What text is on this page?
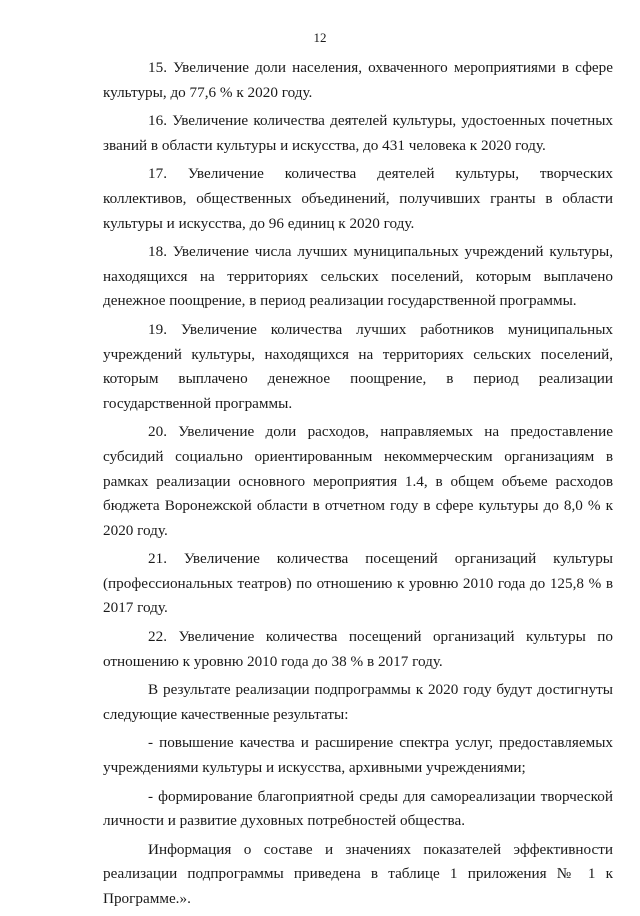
12

15. Увеличение доли населения, охваченного мероприятиями в сфере культуры, до 77,6 % к 2020 году.

16. Увеличение количества деятелей культуры, удостоенных почетных званий в области культуры и искусства, до 431 человека к 2020 году.

17. Увеличение количества деятелей культуры, творческих коллективов, общественных объединений, получивших гранты в области культуры и искусства, до 96 единиц к 2020 году.

18. Увеличение числа лучших муниципальных учреждений культуры, находящихся на территориях сельских поселений, которым выплачено денежное поощрение, в период реализации государственной программы.

19. Увеличение количества лучших работников муниципальных учреждений культуры, находящихся на территориях сельских поселений, которым выплачено денежное поощрение, в период реализации государственной программы.

20. Увеличение доли расходов, направляемых на предоставление субсидий социально ориентированным некоммерческим организациям в рамках реализации основного мероприятия 1.4, в общем объеме расходов бюджета Воронежской области в отчетном году в сфере культуры до 8,0 % к 2020 году.

21. Увеличение количества посещений организаций культуры (профессиональных театров) по отношению к уровню 2010 года до 125,8 % в 2017 году.

22. Увеличение количества посещений организаций культуры по отношению к уровню 2010 года до 38 % в 2017 году.

В результате реализации подпрограммы к 2020 году будут достигнуты следующие качественные результаты:

- повышение качества и расширение спектра услуг, предоставляемых учреждениями культуры и искусства, архивными учреждениями;

- формирование благоприятной среды для самореализации творческой личности и развитие духовных потребностей общества.

Информация о составе и значениях показателей эффективности реализации подпрограммы приведена в таблице 1 приложения № 1 к Программе.».
